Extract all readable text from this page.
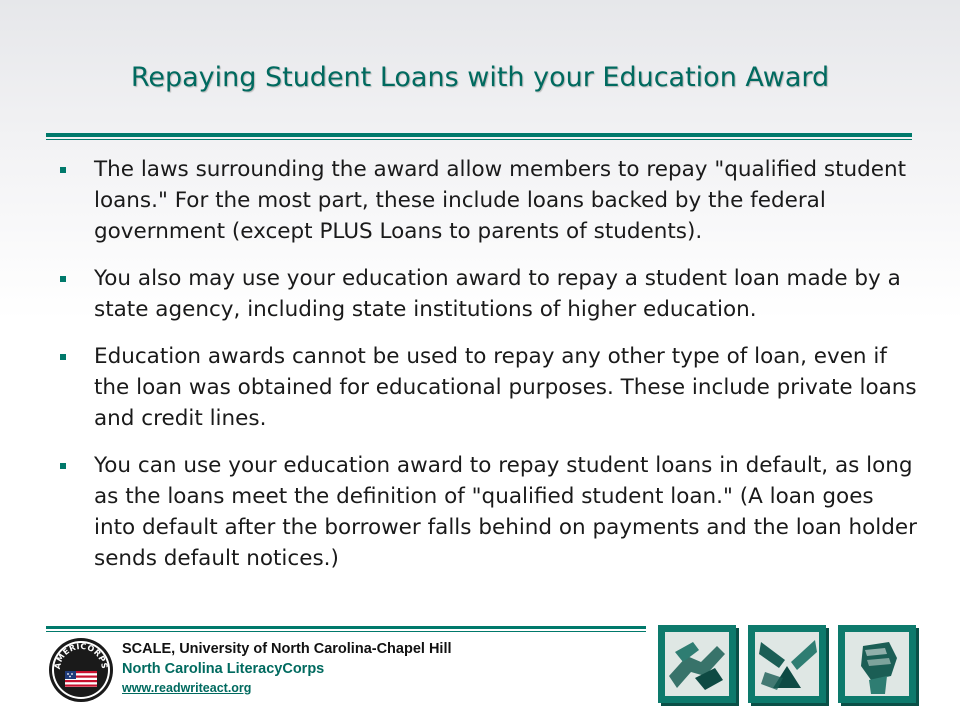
Repaying Student Loans with your Education Award
The laws surrounding the award allow members to repay "qualified student loans." For the most part, these include loans backed by the federal government (except PLUS Loans to parents of students).
You also may use your education award to repay a student loan made by a state agency, including state institutions of higher education.
Education awards cannot be used to repay any other type of loan, even if the loan was obtained for educational purposes. These include private loans and credit lines.
You can use your education award to repay student loans in default, as long as the loans meet the definition of "qualified student loan." (A loan goes into default after the borrower falls behind on payments and the loan holder sends default notices.)
AMERICORPS
SCALE, University of North Carolina-Chapel Hill
North Carolina LiteracyCorps
www.readwriteact.org
